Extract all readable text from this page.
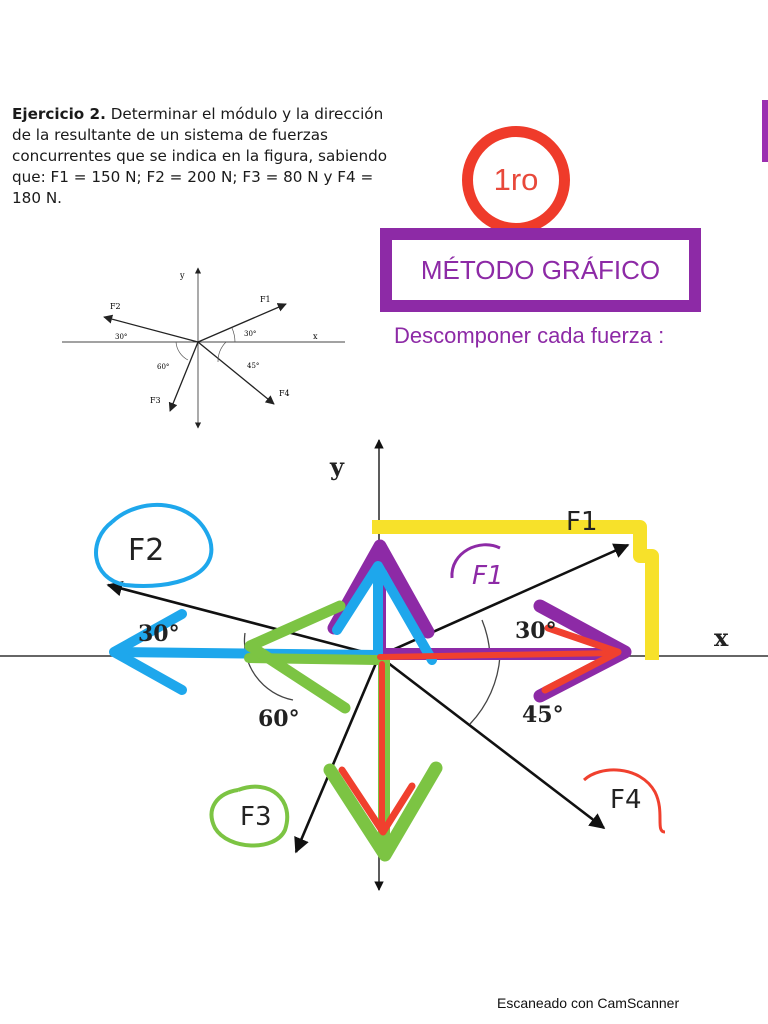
Ejercicio 2. Determinar el módulo y la dirección de la resultante de un sistema de fuerzas concurrentes que se indica en la figura, sabiendo que: F1 = 150 N; F2 = 200 N; F3 = 80 N y F4 = 180 N.
1ro
MÉTODO GRÁFICO
Descomponer cada fuerza :
y
x
F1
F2
F3
F4
30°	30°
60°	45°
y
x
F2
F3
F4
F1
30°	30°
60°	45°
F1
Escaneado con CamScanner
